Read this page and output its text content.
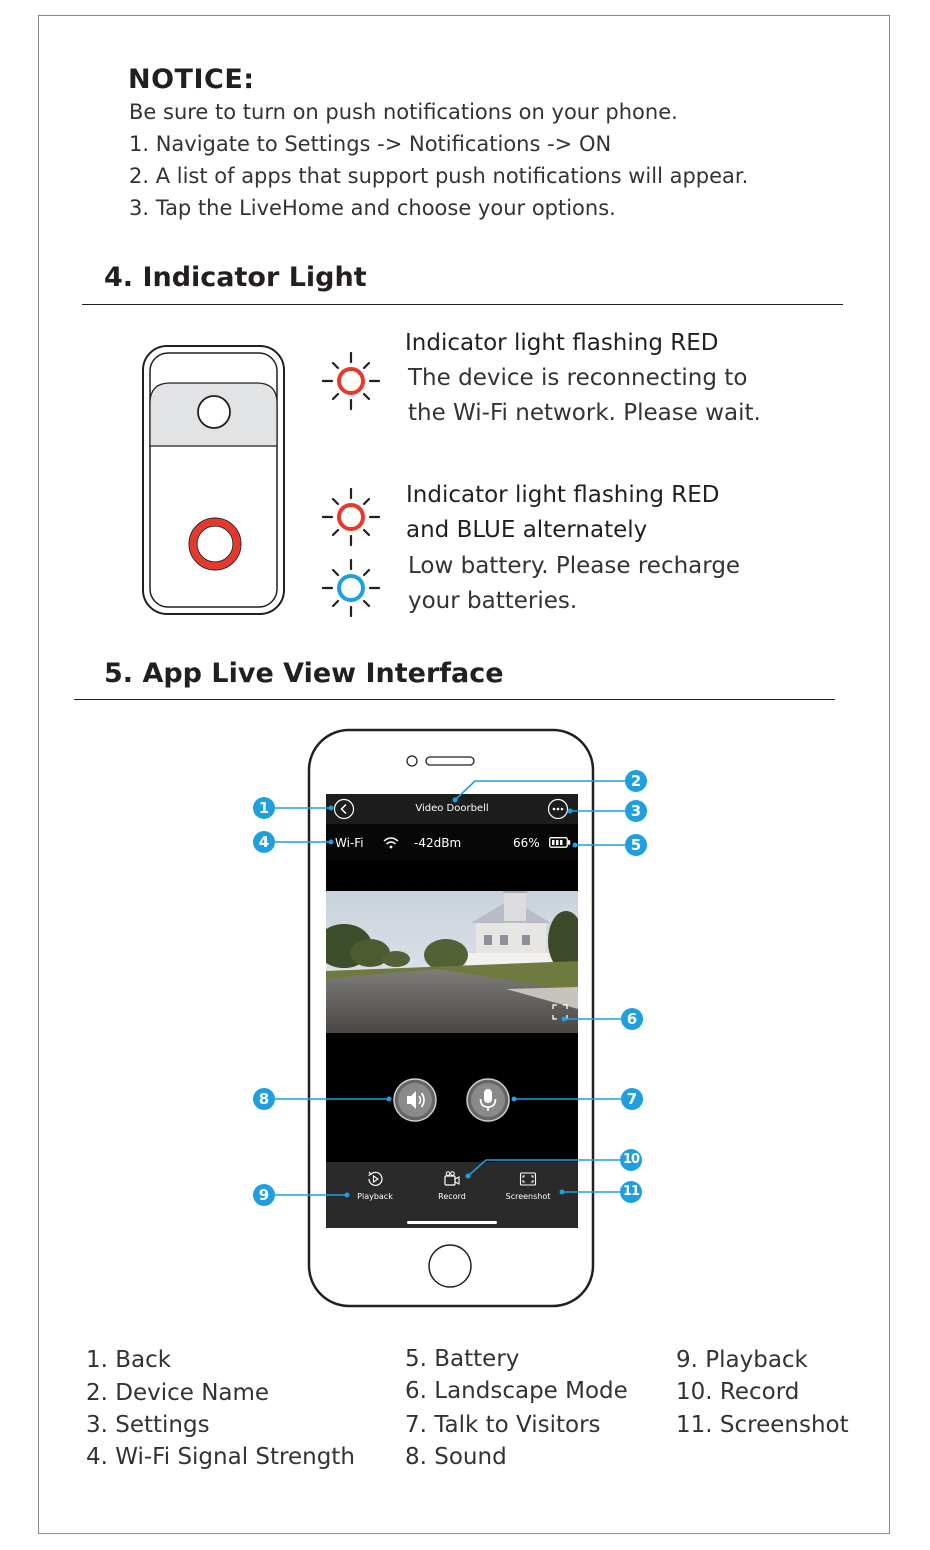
NOTICE:
Be sure to turn on push notifications on your phone.
1. Navigate to Settings -> Notifications -> ON
2. A list of apps that support push notifications will appear.
3. Tap the LiveHome and choose your options.
4. Indicator Light
Indicator light flashing RED
The device is reconnecting to
the Wi-Fi network. Please wait.
Indicator light flashing RED
and BLUE alternately
Low battery. Please recharge
your batteries.
5. App Live View Interface
Video Doorbell
Wi-Fi	-42dBm	66%
Playback	Record	Screenshot
1
2
3
4	5
6
7
8
9
10
11
1. Back
2. Device Name
3. Settings
4. Wi-Fi Signal Strength
5. Battery
6. Landscape Mode
7. Talk to Visitors
8. Sound
9. Playback
10. Record
11. Screenshot
